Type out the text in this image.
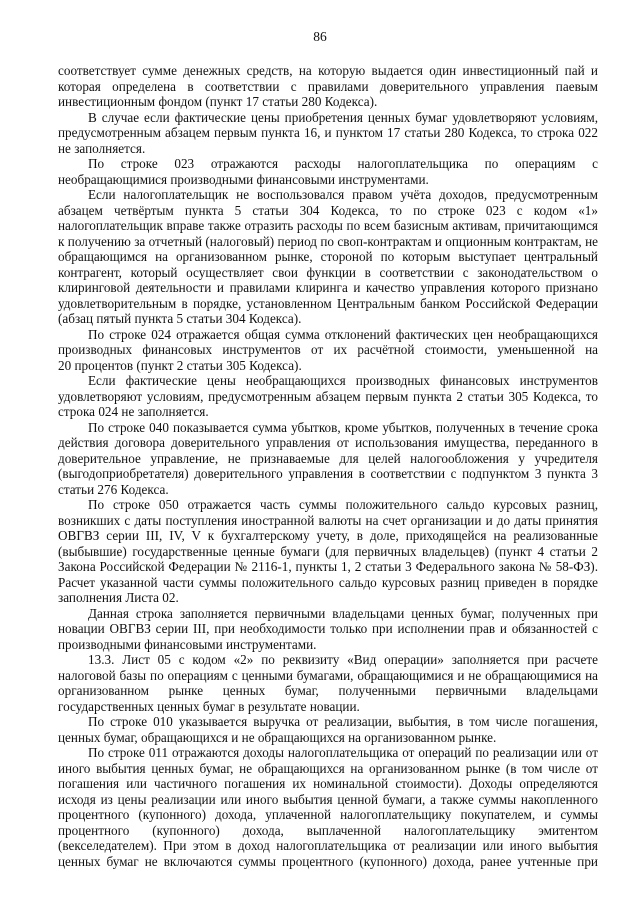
86
соответствует сумме денежных средств, на которую выдается один инвестиционный пай и
которая определена в соответствии с правилами доверительного управления паевым
инвестиционным фондом (пункт 17 статьи 280 Кодекса).
В случае если фактические цены приобретения ценных бумаг удовлетворяют условиям,
предусмотренным абзацем первым пункта 16, и пунктом 17 статьи 280 Кодекса, то строка 022
не заполняется.
По строке 023 отражаются расходы налогоплательщика по операциям с
необращающимися производными финансовыми инструментами.
Если налогоплательщик не воспользовался правом учёта доходов, предусмотренным
абзацем четвёртым пункта 5 статьи 304 Кодекса, то по строке 023 с кодом «1»
налогоплательщик вправе также отразить расходы по всем базисным активам, причитающимся
к получению за отчетный (налоговый) период по своп-контрактам и опционным контрактам, не
обращающимся на организованном рынке, стороной по которым выступает центральный
контрагент, который осуществляет свои функции в соответствии с законодательством о
клиринговой деятельности и правилами клиринга и качество управления которого признано
удовлетворительным в порядке, установленном Центральным банком Российской Федерации
(абзац пятый пункта 5 статьи 304 Кодекса).
По строке 024 отражается общая сумма отклонений фактических цен необращающихся
производных финансовых инструментов от их расчётной стоимости, уменьшенной на
20 процентов (пункт 2 статьи 305 Кодекса).
Если фактические цены необращающихся производных финансовых инструментов
удовлетворяют условиям, предусмотренным абзацем первым пункта 2 статьи 305 Кодекса, то
строка 024 не заполняется.
По строке 040 показывается сумма убытков, кроме убытков, полученных в течение срока
действия договора доверительного управления от использования имущества, переданного в
доверительное управление, не признаваемые для целей налогообложения у учредителя
(выгодоприобретателя) доверительного управления в соответствии с подпунктом 3 пункта 3
статьи 276 Кодекса.
По строке 050 отражается часть суммы положительного сальдо курсовых разниц,
возникших с даты поступления иностранной валюты на счет организации и до даты принятия
ОВГВЗ серии III, IV, V к бухгалтерскому учету, в доле, приходящейся на реализованные
(выбывшие) государственные ценные бумаги (для первичных владельцев) (пункт 4 статьи 2
Закона Российской Федерации № 2116-1, пункты 1, 2 статьи 3 Федерального закона № 58-ФЗ).
Расчет указанной части суммы положительного сальдо курсовых разниц приведен в порядке
заполнения Листа 02.
Данная строка заполняется первичными владельцами ценных бумаг, полученных при
новации ОВГВЗ серии III, при необходимости только при исполнении прав и обязанностей с
производными финансовыми инструментами.
13.3. Лист 05 с кодом «2» по реквизиту «Вид операции» заполняется при расчете
налоговой базы по операциям с ценными бумагами, обращающимися и не обращающимися на
организованном рынке ценных бумаг, полученными первичными владельцами
государственных ценных бумаг в результате новации.
По строке 010 указывается выручка от реализации, выбытия, в том числе погашения,
ценных бумаг, обращающихся и не обращающихся на организованном рынке.
По строке 011 отражаются доходы налогоплательщика от операций по реализации или от
иного выбытия ценных бумаг, не обращающихся на организованном рынке (в том числе от
погашения или частичного погашения их номинальной стоимости). Доходы определяются
исходя из цены реализации или иного выбытия ценной бумаги, а также суммы накопленного
процентного (купонного) дохода, уплаченной налогоплательщику покупателем, и суммы
процентного (купонного) дохода, выплаченной налогоплательщику эмитентом
(векселедателем). При этом в доход налогоплательщика от реализации или иного выбытия
ценных бумаг не включаются суммы процентного (купонного) дохода, ранее учтенные при
